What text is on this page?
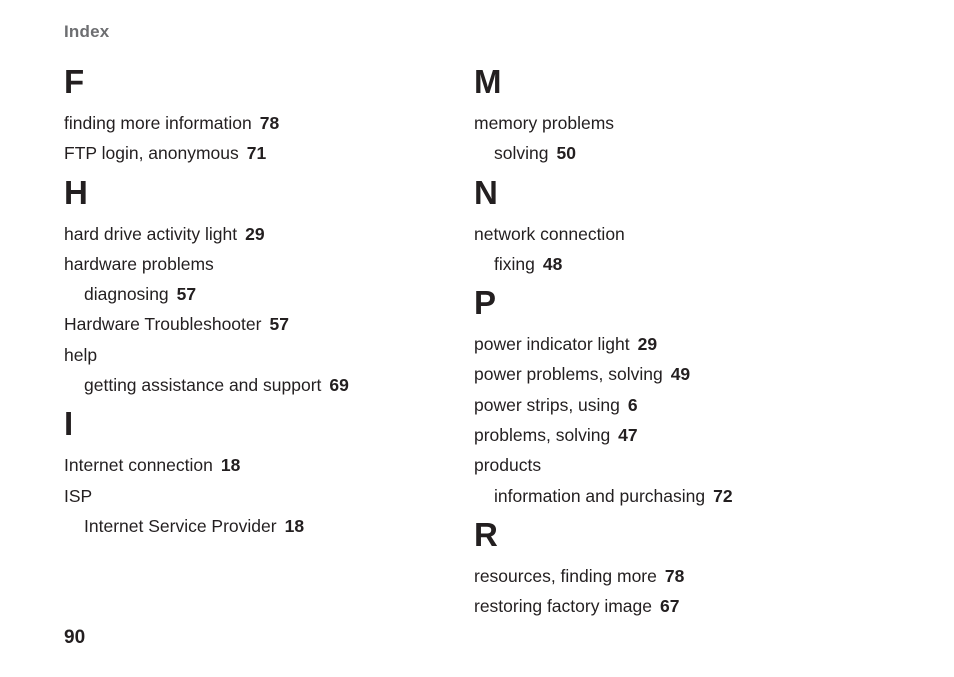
Index
F
finding more information 78
FTP login, anonymous 71
H
hard drive activity light 29
hardware problems
diagnosing 57
Hardware Troubleshooter 57
help
getting assistance and support 69
I
Internet connection 18
ISP
Internet Service Provider 18
M
memory problems
solving 50
N
network connection
fixing 48
P
power indicator light 29
power problems, solving 49
power strips, using 6
problems, solving 47
products
information and purchasing 72
R
resources, finding more 78
restoring factory image 67
90
